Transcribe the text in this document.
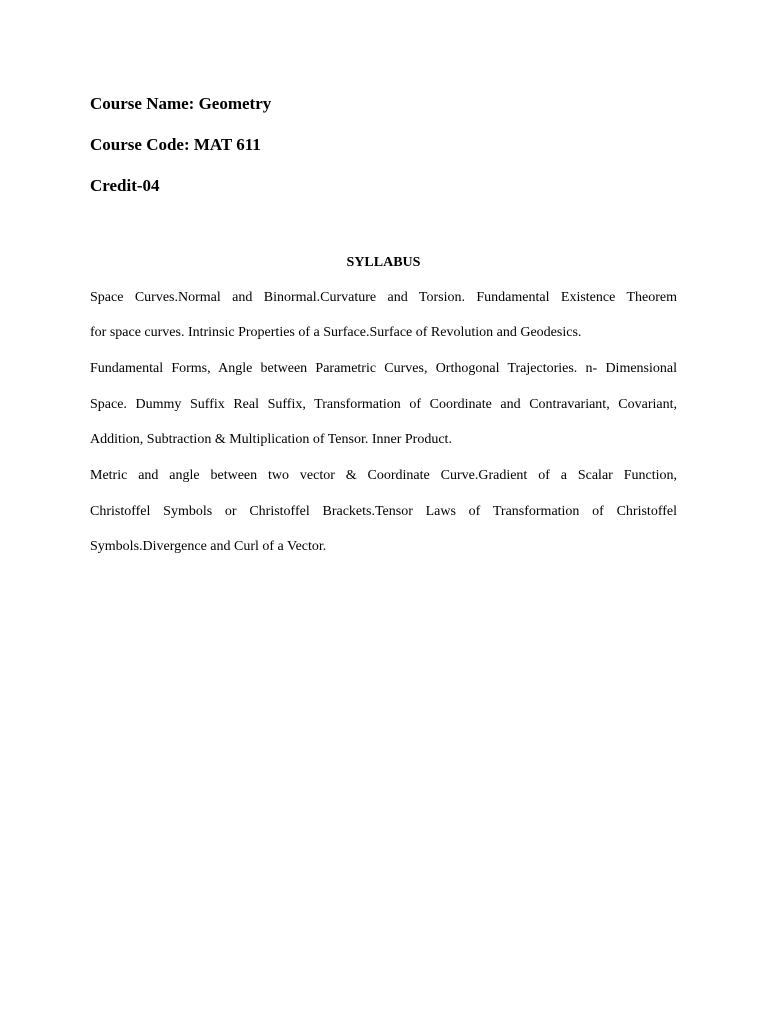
Course Name: Geometry
Course Code: MAT 611
Credit-04
SYLLABUS
Space Curves.Normal and Binormal.Curvature and Torsion. Fundamental Existence Theorem
for space curves. Intrinsic Properties of a Surface.Surface of Revolution and Geodesics.
Fundamental Forms, Angle between Parametric Curves, Orthogonal Trajectories. n- Dimensional
Space. Dummy Suffix Real Suffix, Transformation of Coordinate and Contravariant, Covariant,
Addition, Subtraction & Multiplication of Tensor. Inner Product.
Metric and angle between two vector & Coordinate Curve.Gradient of a Scalar Function,
Christoffel Symbols or Christoffel Brackets.Tensor Laws of Transformation of Christoffel
Symbols.Divergence and Curl of a Vector.
